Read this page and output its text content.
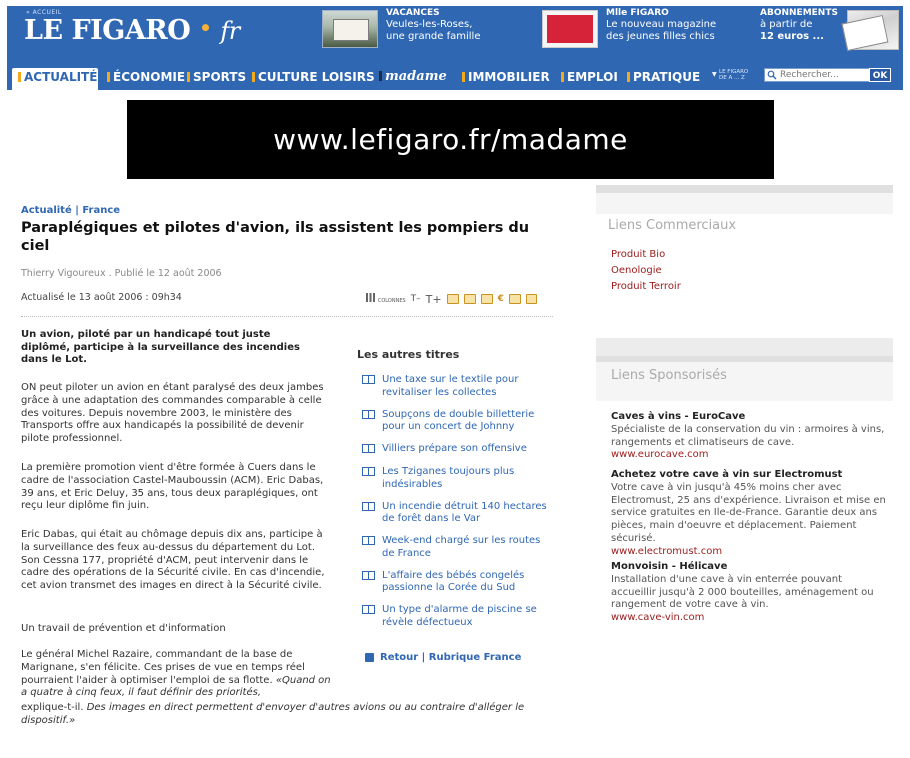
« ACCUEIL
LE FIGARO • fr
VACANCES
Veules-les-Roses,
une grande famille
Mlle FIGARO
Le nouveau magazine
des jeunes filles chics
ABONNEMENTS
à partir de
12 euros ...
ACTUALITÉ	ÉCONOMIE SPORTS CULTURE LOISIRS madame	IMMOBILIER	EMPLOI	PRATIQUE
▼	LE FIGARO
DE A ... Z
Rechercher...	OK
www.lefigaro.fr/madame
Actualité | France
Paraplégiques et pilotes d'avion, ils assistent les pompiers du ciel
Thierry Vigoureux . Publié le 12 août 2006
Actualisé le 13 août 2006 : 09h34	COLONNES T– T+	€

Un avion, piloté par un handicapé tout juste diplômé, participe à la surveillance des incendies dans le Lot.

ON peut piloter un avion en étant paralysé des deux jambes grâce à une adaptation des commandes comparable à celle des voitures. Depuis novembre 2003, le ministère des Transports offre aux handicapés la possibilité de devenir pilote professionnel.

La première promotion vient d'être formée à Cuers dans le cadre de l'association Castel-Mauboussin (ACM). Eric Dabas, 39 ans, et Eric Deluy, 35 ans, tous deux paraplégiques, ont reçu leur diplôme fin juin.

Eric Dabas, qui était au chômage depuis dix ans, participe à la surveillance des feux au-dessus du département du Lot. Son Cessna 177, propriété d'ACM, peut intervenir dans le cadre des opérations de la Sécurité civile. En cas d'incendie, cet avion transmet des images en direct à la Sécurité civile.

Un travail de prévention et d'information

Le général Michel Razaire, commandant de la base de Marignane, s'en félicite. Ces prises de vue en temps réel pourraient l'aider à optimiser l'emploi de sa flotte. «Quand on a quatre à cinq feux, il faut définir des priorités,

explique-t-il. Des images en direct permettent d'envoyer d'autres avions ou au contraire d'alléger le dispositif.»

Les autres titres
Une taxe sur le textile pour revitaliser les collectes
Soupçons de double billetterie pour un concert de Johnny
Villiers prépare son offensive
Les Tziganes toujours plus indésirables
Un incendie détruit 140 hectares de forêt dans le Var
Week-end chargé sur les routes de France
L'affaire des bébés congelés passionne la Corée du Sud
Un type d'alarme de piscine se révèle défectueux
Retour | Rubrique France
Liens Commerciaux
Produit Bio
Oenologie
Produit Terroir
Liens Sponsorisés
Caves à vins - EuroCave
Spécialiste de la conservation du vin : armoires à vins, rangements et climatiseurs de cave.
www.eurocave.com
Achetez votre cave à vin sur Electromust
Votre cave à vin jusqu'à 45% moins cher avec Electromust, 25 ans d'expérience. Livraison et mise en service gratuites en Ile-de-France. Garantie deux ans pièces, main d'oeuvre et déplacement. Paiement sécurisé.
www.electromust.com
Monvoisin - Hélicave
Installation d'une cave à vin enterrée pouvant accueillir jusqu'à 2 000 bouteilles, aménagement ou rangement de votre cave à vin.
www.cave-vin.com
